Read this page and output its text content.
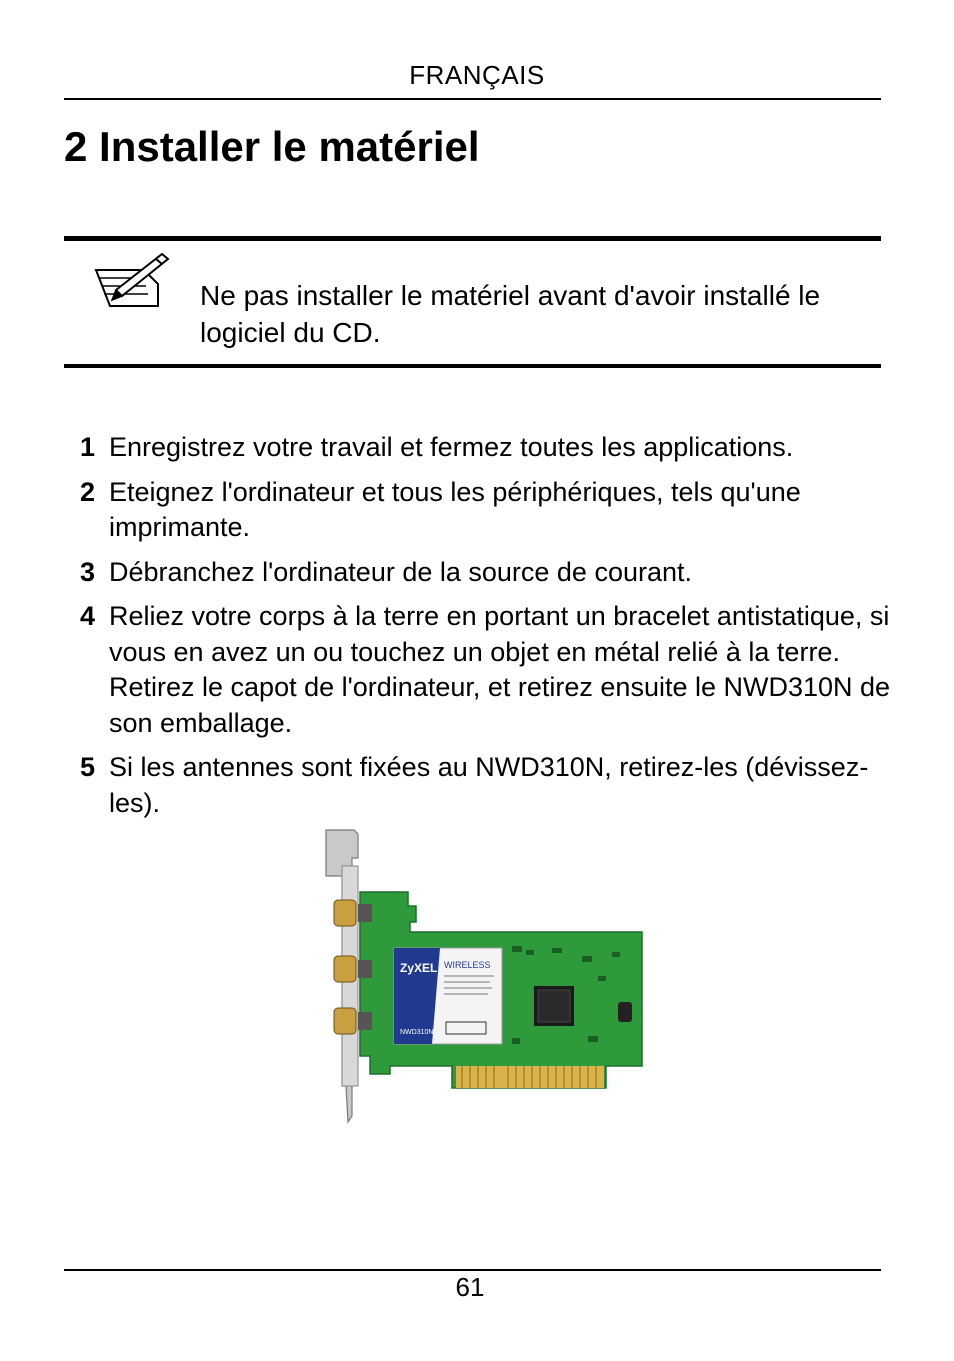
FRANÇAIS
2 Installer le matériel
Ne pas installer le matériel avant d'avoir installé le logiciel du CD.
1 Enregistrez votre travail et fermez toutes les applications.
2 Eteignez l'ordinateur et tous les périphériques, tels qu'une imprimante.
3 Débranchez l'ordinateur de la source de courant.
4 Reliez votre corps à la terre en portant un bracelet antistatique, si vous en avez un ou touchez un objet en métal relié à la terre. Retirez le capot de l'ordinateur, et retirez ensuite le NWD310N de son emballage.
5 Si les antennes sont fixées au NWD310N, retirez-les (dévissez-les).
ZyXEL WIRELESS
NWD310N
61
